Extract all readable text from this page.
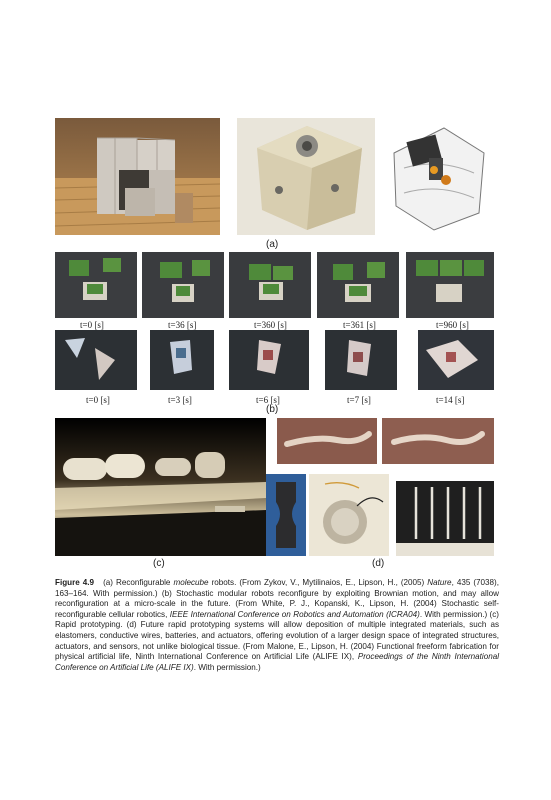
(a)
t=0 [s]	t=36 [s]	t=360 [s]	t=361 [s]	t=960 [s]
t=0 [s]	t=3 [s]	t=6 [s]	t=7 [s]	t=14 [s]
(b)
(c)	(d)
Figure 4.9 (a) Reconfigurable molecube robots. (From Zykov, V., Mytilinaios, E., Lipson, H., (2005) Nature, 435 (7038), 163–164. With permission.) (b) Stochastic modular robots reconfigure by exploiting Brownian motion, and may allow reconfiguration at a micro-scale in the future. (From White, P. J., Kopanski, K., Lipson, H. (2004) Stochastic self-reconfigurable cellular robotics, IEEE International Conference on Robotics and Automation (ICRA04). With permission.) (c) Rapid prototyping. (d) Future rapid prototyping systems will allow deposition of multiple integrated materials, such as elastomers, conductive wires, batteries, and actuators, offering evolution of a larger design space of integrated structures, actuators, and sensors, not unlike biological tissue. (From Malone, E., Lipson, H. (2004) Functional freeform fabrication for physical artificial life, Ninth International Conference on Artificial Life (ALIFE IX), Proceedings of the Ninth International Conference on Artificial Life (ALIFE IX). With permission.)
